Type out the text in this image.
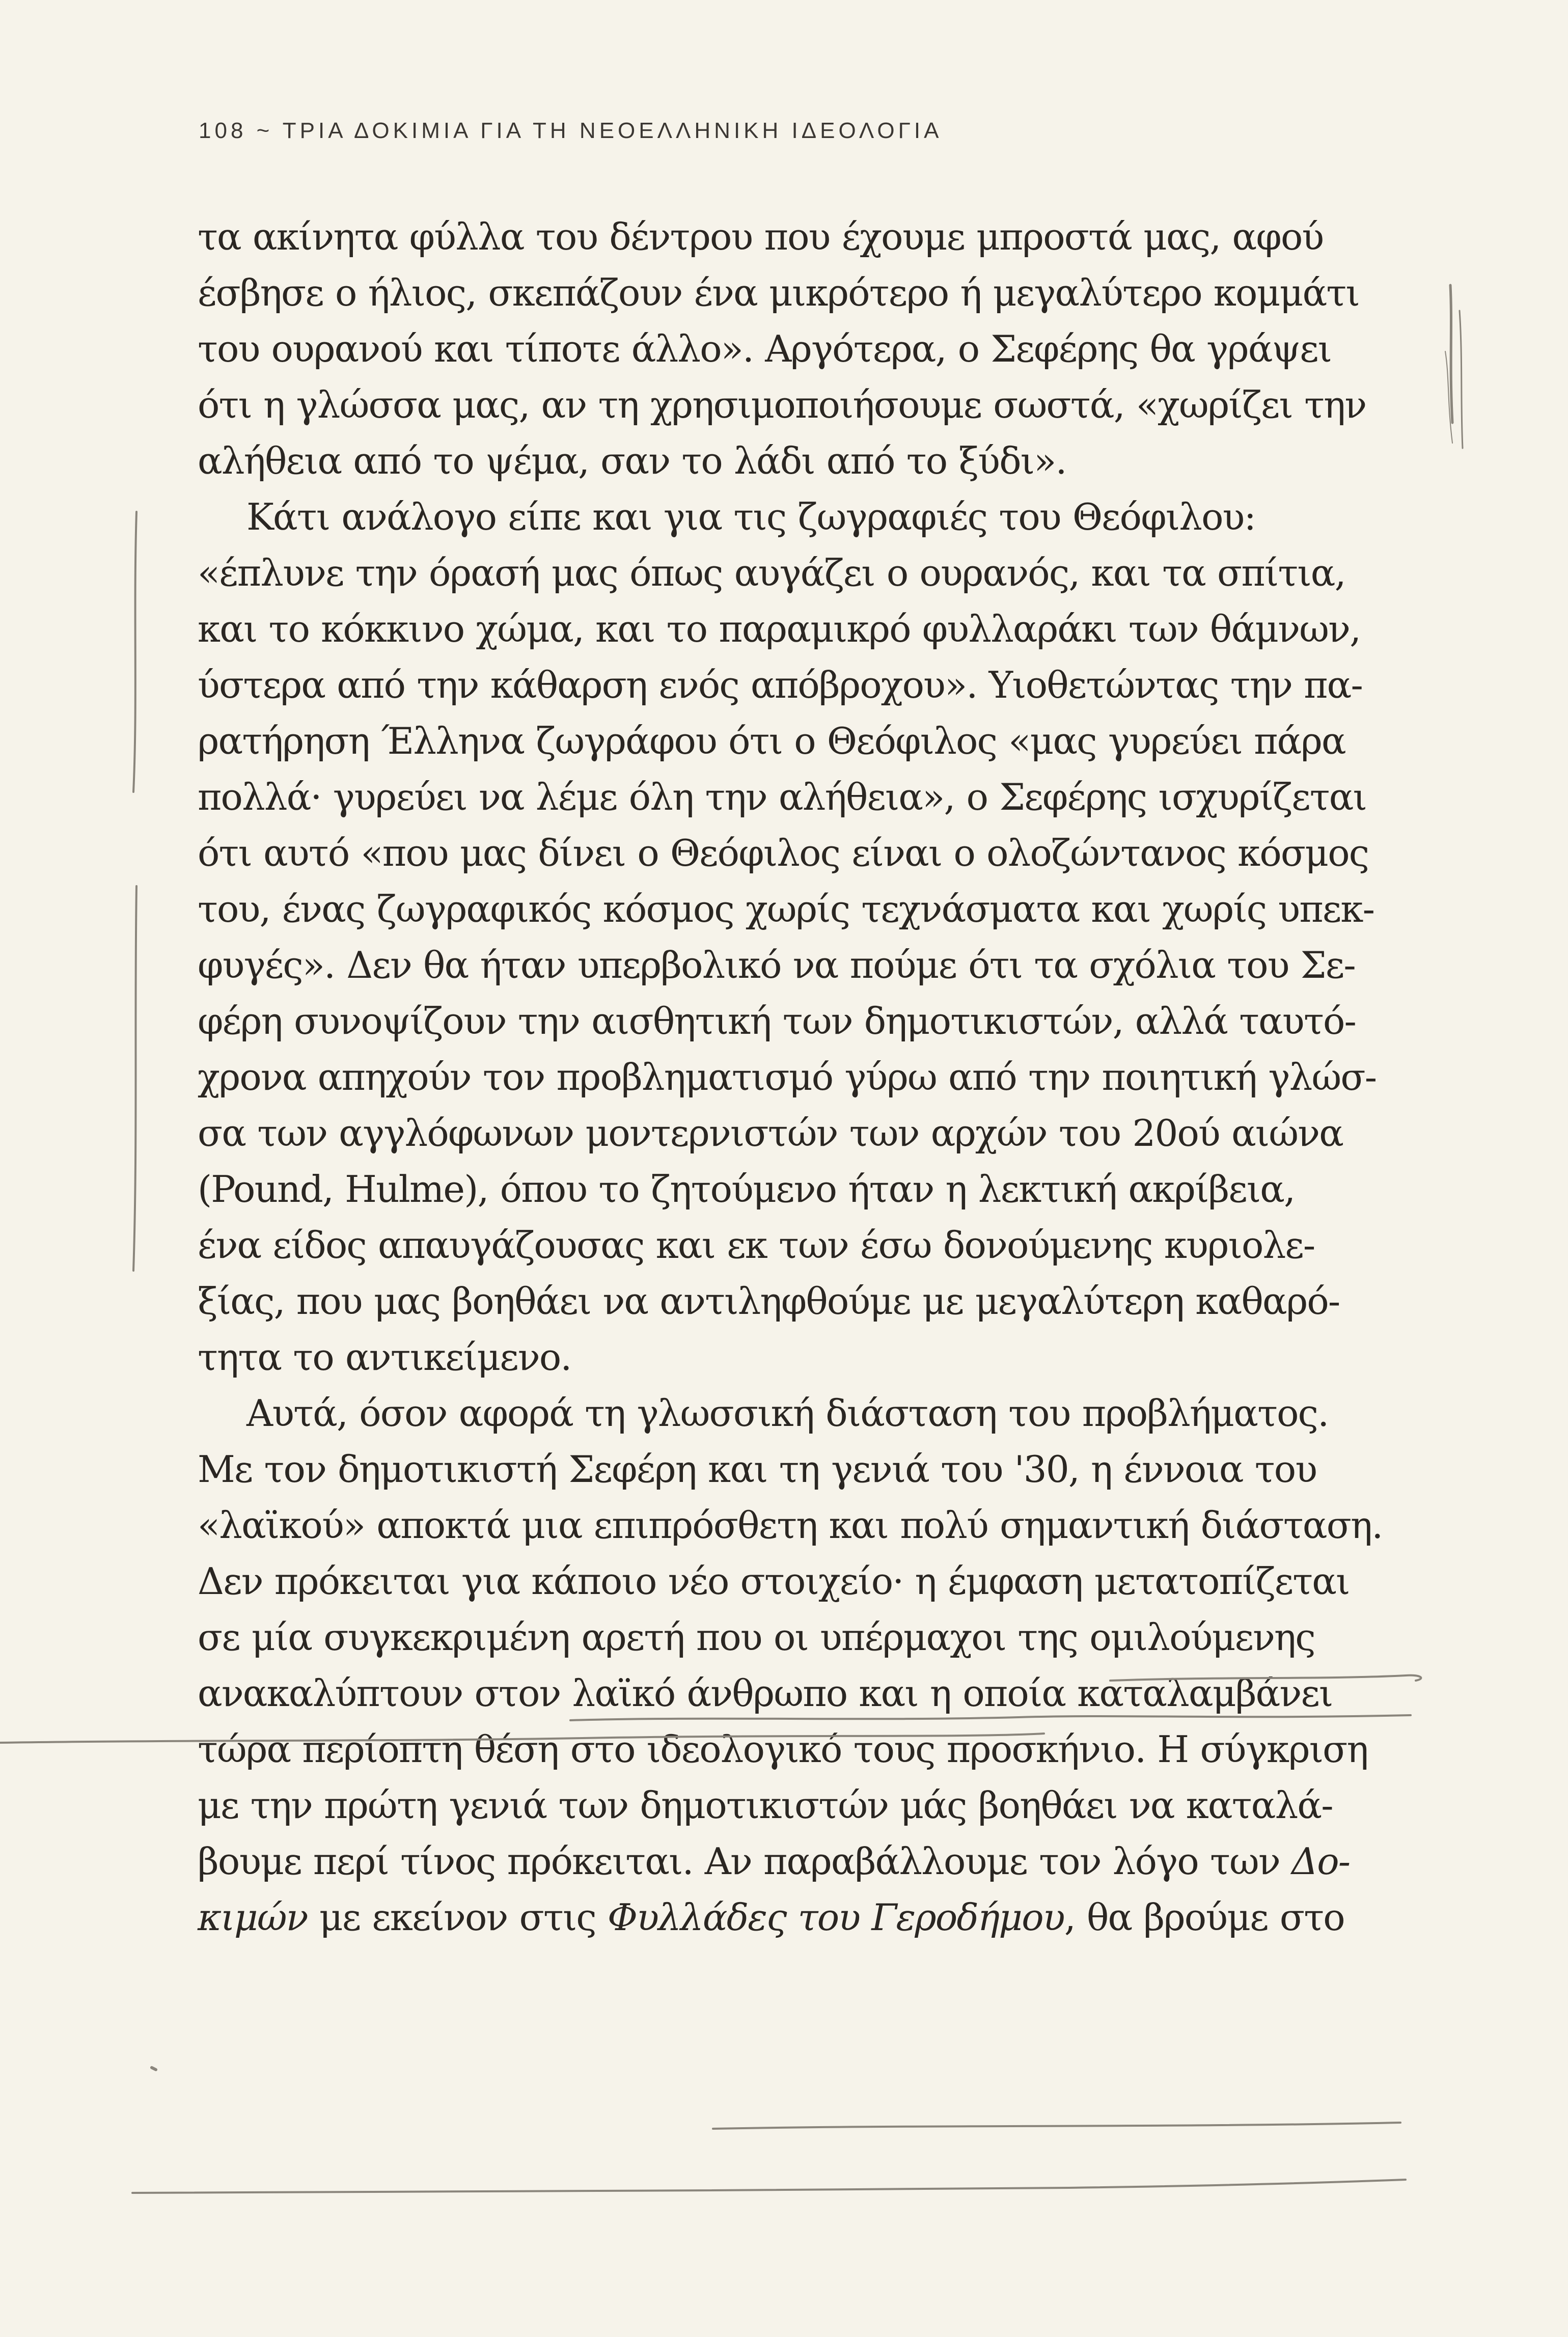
108 ~ ΤΡΙΑ ΔΟΚΙΜΙΑ ΓΙΑ ΤΗ ΝΕΟΕΛΛΗΝΙΚΗ ΙΔΕΟΛΟΓΙΑ
τα ακίνητα φύλλα του δέντρου που έχουμε μπροστά μας, αφού
έσβησε ο ήλιος, σκεπάζουν ένα μικρότερο ή μεγαλύτερο κομμάτι
του ουρανού και τίποτε άλλο». Αργότερα, ο Σεφέρης θα γράψει
ότι η γλώσσα μας, αν τη χρησιμοποιήσουμε σωστά, «χωρίζει την
αλήθεια από το ψέμα, σαν το λάδι από το ξύδι».
Κάτι ανάλογο είπε και για τις ζωγραφιές του Θεόφιλου:
«έπλυνε την όρασή μας όπως αυγάζει ο ουρανός, και τα σπίτια,
και το κόκκινο χώμα, και το παραμικρό φυλλαράκι των θάμνων,
ύστερα από την κάθαρση ενός απόβροχου». Υιοθετώντας την πα-
ρατήρηση Έλληνα ζωγράφου ότι ο Θεόφιλος «μας γυρεύει πάρα
πολλά· γυρεύει να λέμε όλη την αλήθεια», ο Σεφέρης ισχυρίζεται
ότι αυτό «που μας δίνει ο Θεόφιλος είναι ο ολοζώντανος κόσμος
του, ένας ζωγραφικός κόσμος χωρίς τεχνάσματα και χωρίς υπεκ-
φυγές». Δεν θα ήταν υπερβολικό να πούμε ότι τα σχόλια του Σε-
φέρη συνοψίζουν την αισθητική των δημοτικιστών, αλλά ταυτό-
χρονα απηχούν τον προβληματισμό γύρω από την ποιητική γλώσ-
σα των αγγλόφωνων μοντερνιστών των αρχών του 20ού αιώνα
(Pound, Hulme), όπου το ζητούμενο ήταν η λεκτική ακρίβεια,
ένα είδος απαυγάζουσας και εκ των έσω δονούμενης κυριολε-
ξίας, που μας βοηθάει να αντιληφθούμε με μεγαλύτερη καθαρό-
τητα το αντικείμενο.
Αυτά, όσον αφορά τη γλωσσική διάσταση του προβλήματος.
Με τον δημοτικιστή Σεφέρη και τη γενιά του '30, η έννοια του
«λαϊκού» αποκτά μια επιπρόσθετη και πολύ σημαντική διάσταση.
Δεν πρόκειται για κάποιο νέο στοιχείο· η έμφαση μετατοπίζεται
σε μία συγκεκριμένη αρετή που οι υπέρμαχοι της ομιλούμενης
ανακαλύπτουν στον λαϊκό άνθρωπο και η οποία καταλαμβάνει
τώρα περίοπτη θέση στο ιδεολογικό τους προσκήνιο. Η σύγκριση
με την πρώτη γενιά των δημοτικιστών μάς βοηθάει να καταλά-
βουμε περί τίνος πρόκειται. Αν παραβάλλουμε τον λόγο των Δο-
κιμών με εκείνον στις Φυλλάδες του Γεροδήμου, θα βρούμε στο
